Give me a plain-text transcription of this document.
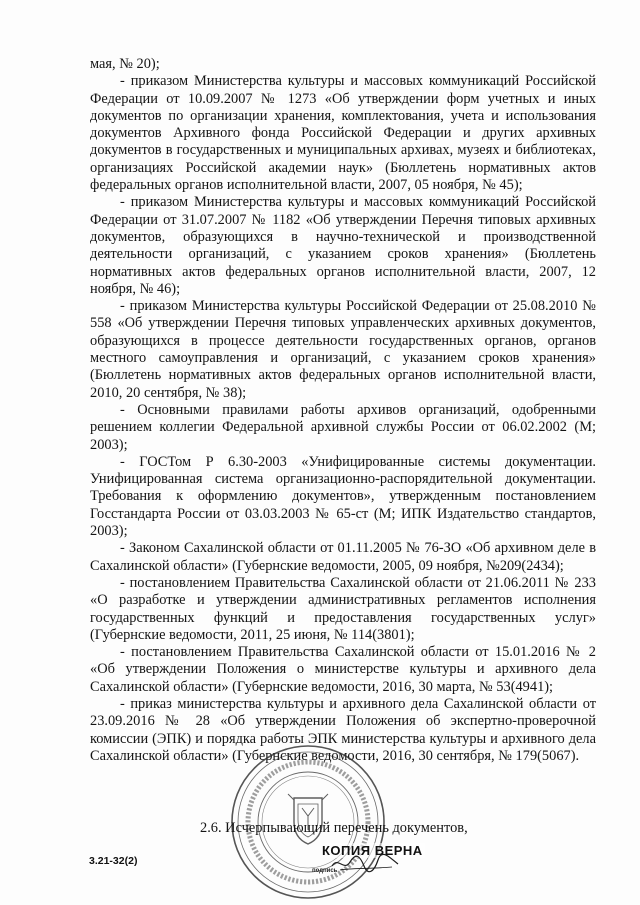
мая, № 20);

- приказом Министерства культуры и массовых коммуникаций Российской Федерации от 10.09.2007 № 1273 «Об утверждении форм учетных и иных документов по организации хранения, комплектования, учета и использования документов Архивного фонда Российской Федерации и других архивных документов в государственных и муниципальных архивах, музеях и библиотеках, организациях Российской академии наук» (Бюллетень нормативных актов федеральных органов исполнительной власти, 2007, 05 ноября, № 45);

- приказом Министерства культуры и массовых коммуникаций Российской Федерации от 31.07.2007 № 1182 «Об утверждении Перечня типовых архивных документов, образующихся в научно-технической и производственной деятельности организаций, с указанием сроков хранения» (Бюллетень нормативных актов федеральных органов исполнительной власти, 2007, 12 ноября, № 46);

- приказом Министерства культуры Российской Федерации от 25.08.2010 № 558 «Об утверждении Перечня типовых управленческих архивных документов, образующихся в процессе деятельности государственных органов, органов местного самоуправления и организаций, с указанием сроков хранения» (Бюллетень нормативных актов федеральных органов исполнительной власти, 2010, 20 сентября, № 38);

- Основными правилами работы архивов организаций, одобренными решением коллегии Федеральной архивной службы России от 06.02.2002 (М; 2003);

- ГОСТом Р 6.30-2003 «Унифицированные системы документации. Унифицированная система организационно-распорядительной документации. Требования к оформлению документов», утвержденным постановлением Госстандарта России от 03.03.2003 № 65-ст (М; ИПК Издательство стандартов, 2003);

- Законом Сахалинской области от 01.11.2005 № 76-ЗО «Об архивном деле в Сахалинской области» (Губернские ведомости, 2005, 09 ноября, №209(2434);

- постановлением Правительства Сахалинской области от 21.06.2011 № 233 «О разработке и утверждении административных регламентов исполнения государственных функций и предоставления государственных услуг» (Губернские ведомости, 2011, 25 июня, № 114(3801);

- постановлением Правительства Сахалинской области от 15.01.2016 № 2 «Об утверждении Положения о министерстве культуры и архивного дела Сахалинской области» (Губернские ведомости, 2016, 30 марта, № 53(4941);

- приказ министерства культуры и архивного дела Сахалинской области от 23.09.2016 № 28 «Об утверждении Положения об экспертно-проверочной комиссии (ЭПК) и порядка работы ЭПК министерства культуры и архивного дела Сахалинской области» (Губернские ведомости, 2016, 30 сентября, № 179(5067).

2.6. Исчерпывающий перечень документов,
КОПИЯ ВЕРНА
подпись
3.21-32(2)
